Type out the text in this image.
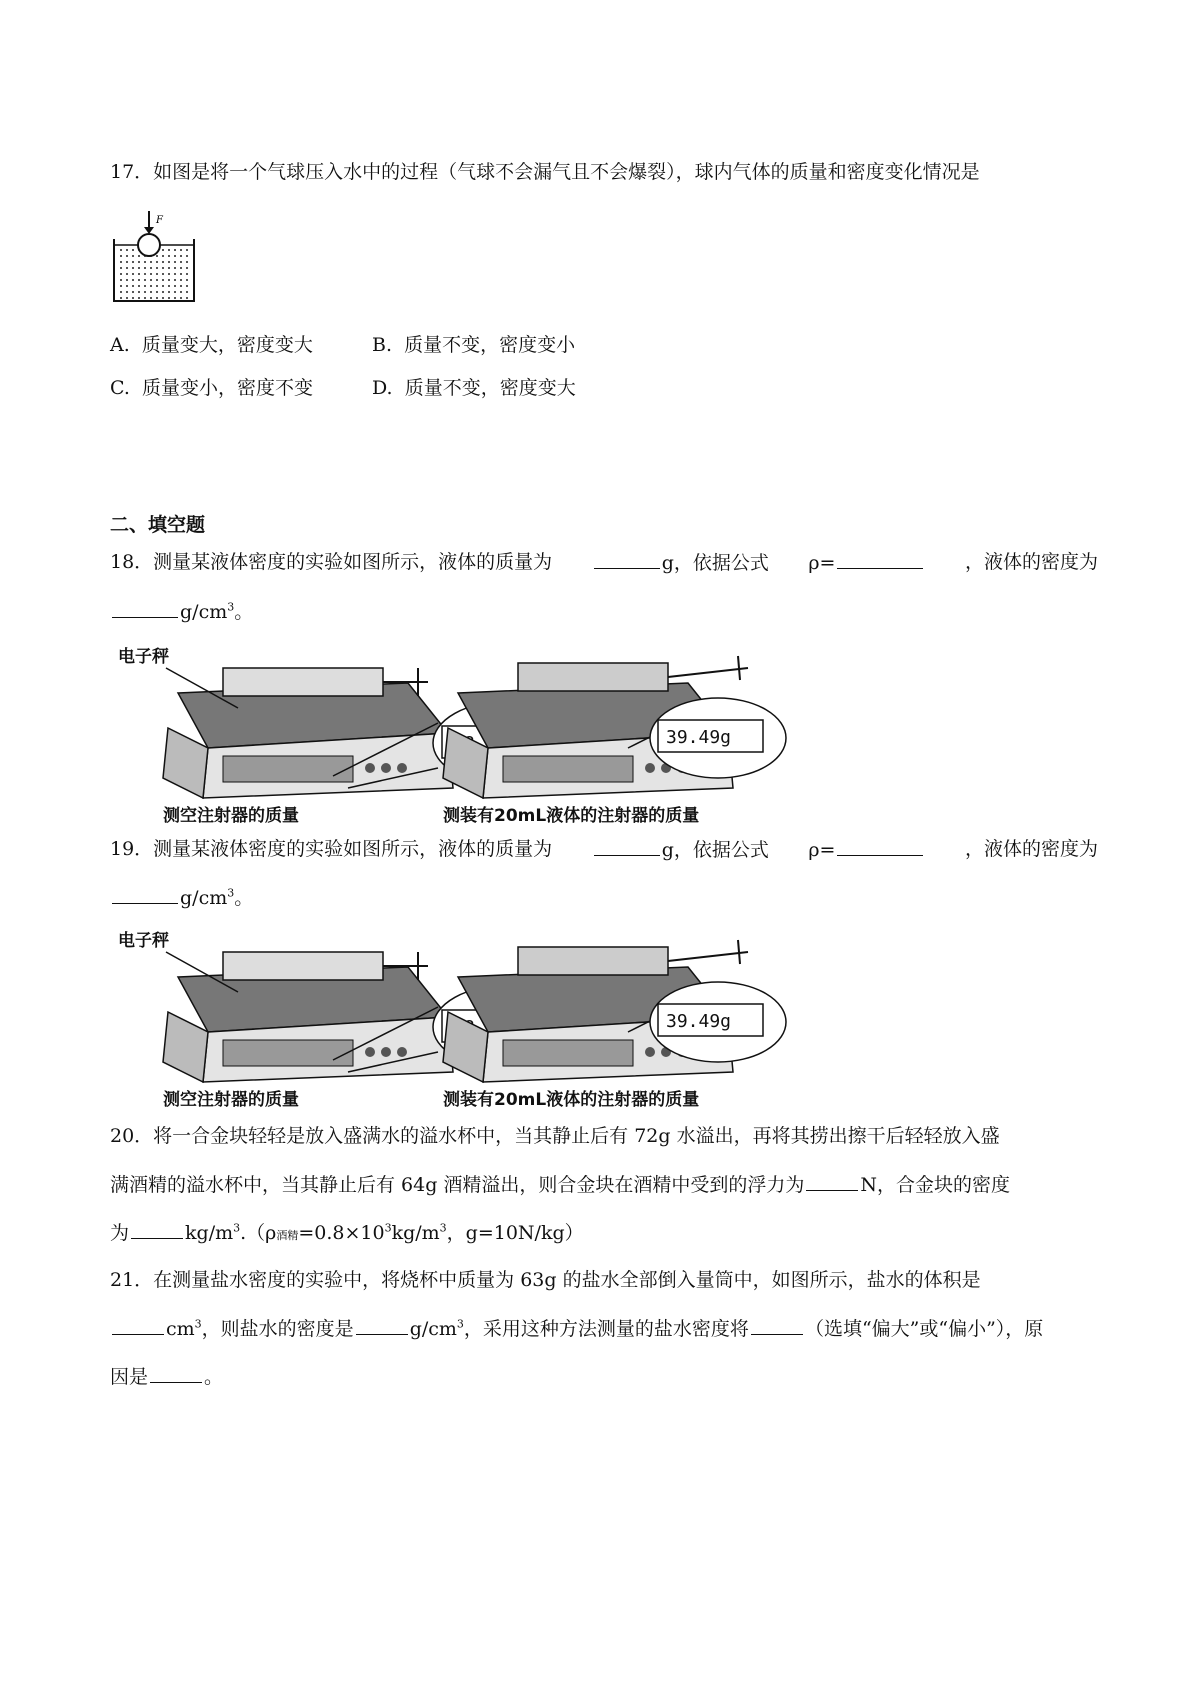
17．如图是将一个气球压入水中的过程（气球不会漏气且不会爆裂），球内气体的质量和密度变化情况是
F
A. 质量变大，密度变大	B. 质量不变，密度变小
C. 质量变小，密度不变	D. 质量不变，密度变大
二、填空题
18．测量某液体密度的实验如图所示，液体的质量为	g，依据公式 ρ=	，液体的密度为
$g/cm^3$。
电子秤
测空注射器的质量
39.49g
测装有20mL液体的注射器的质量
19．测量某液体密度的实验如图所示，液体的质量为	g，依据公式 ρ=	，液体的密度为
$g/cm^3$。
电子秤
测空注射器的质量
39.49g
测装有20mL液体的注射器的质量
20．将一合金块轻轻是放入盛满水的溢水杯中，当其静止后有 72g 水溢出，再将其捞出擦干后轻轻放入盛
满酒精的溢水杯中，当其静止后有 64g 酒精溢出，则合金块在酒精中受到的浮力为	N，合金块的密度
为	$kg/m^3.(\rho$酒精$=0.8\times 10^3kg/m^3$，g=10N/kg）
21．在测量盐水密度的实验中，将烧杯中质量为 63g 的盐水全部倒入量筒中，如图所示，盐水的体积是
$cm^3$，则盐水的密度是	$g/cm^3$，采用这种方法测量的盐水密度将	（选填“偏大”或“偏小”），原
因是	。
